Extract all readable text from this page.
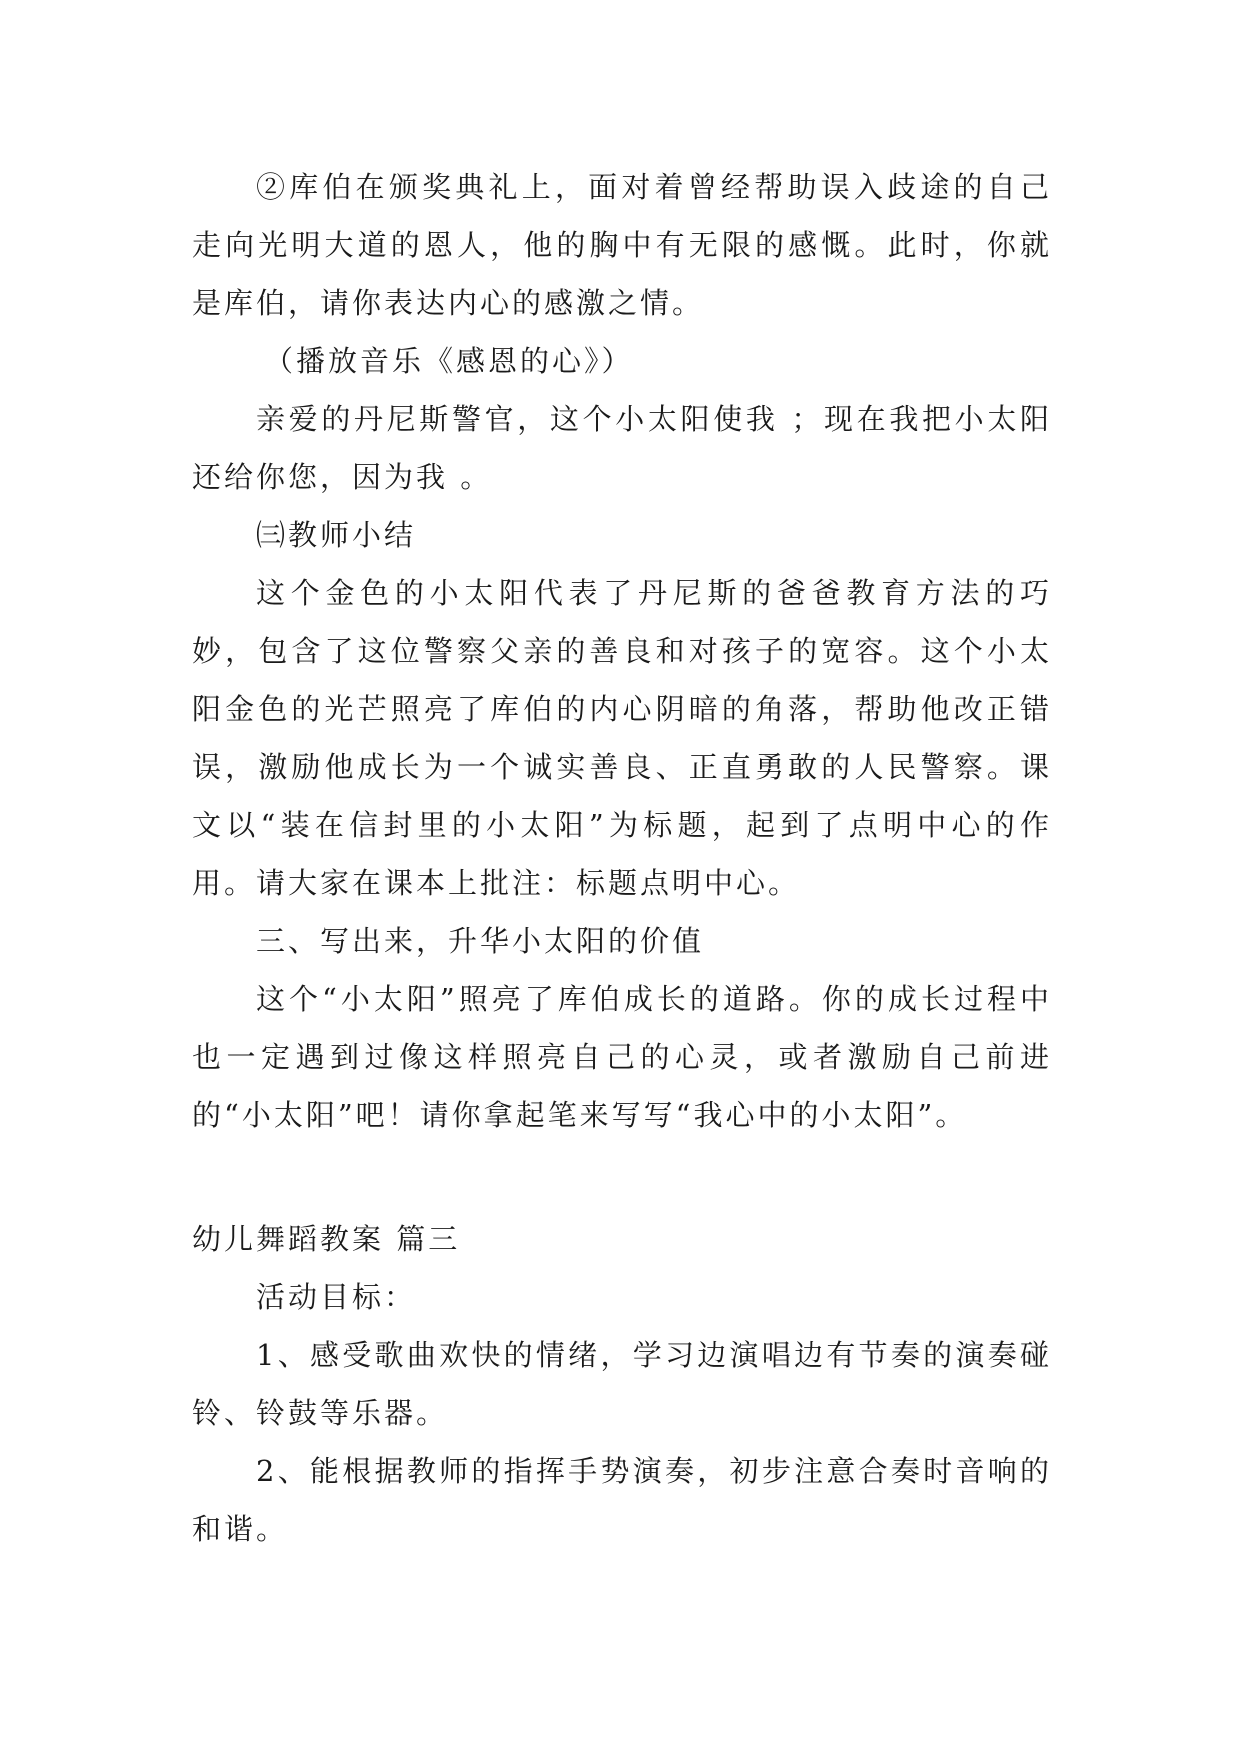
②库伯在颁奖典礼上，面对着曾经帮助误入歧途的自己走向光明大道的恩人，他的胸中有无限的感慨。此时，你就是库伯，请你表达内心的感激之情。

（播放音乐《感恩的心》）

亲爱的丹尼斯警官，这个小太阳使我 ；现在我把小太阳还给你您，因为我 。

㈢教师小结

这个金色的小太阳代表了丹尼斯的爸爸教育方法的巧妙，包含了这位警察父亲的善良和对孩子的宽容。这个小太阳金色的光芒照亮了库伯的内心阴暗的角落，帮助他改正错误，激励他成长为一个诚实善良、正直勇敢的人民警察。课文以“装在信封里的小太阳”为标题，起到了点明中心的作用。请大家在课本上批注：标题点明中心。

三、写出来，升华小太阳的价值

这个“小太阳”照亮了库伯成长的道路。你的成长过程中也一定遇到过像这样照亮自己的心灵，或者激励自己前进的“小太阳”吧！请你拿起笔来写写“我心中的小太阳”。

幼儿舞蹈教案 篇三

活动目标：

1、感受歌曲欢快的情绪，学习边演唱边有节奏的演奏碰铃、铃鼓等乐器。

2、能根据教师的指挥手势演奏，初步注意合奏时音响的和谐。
